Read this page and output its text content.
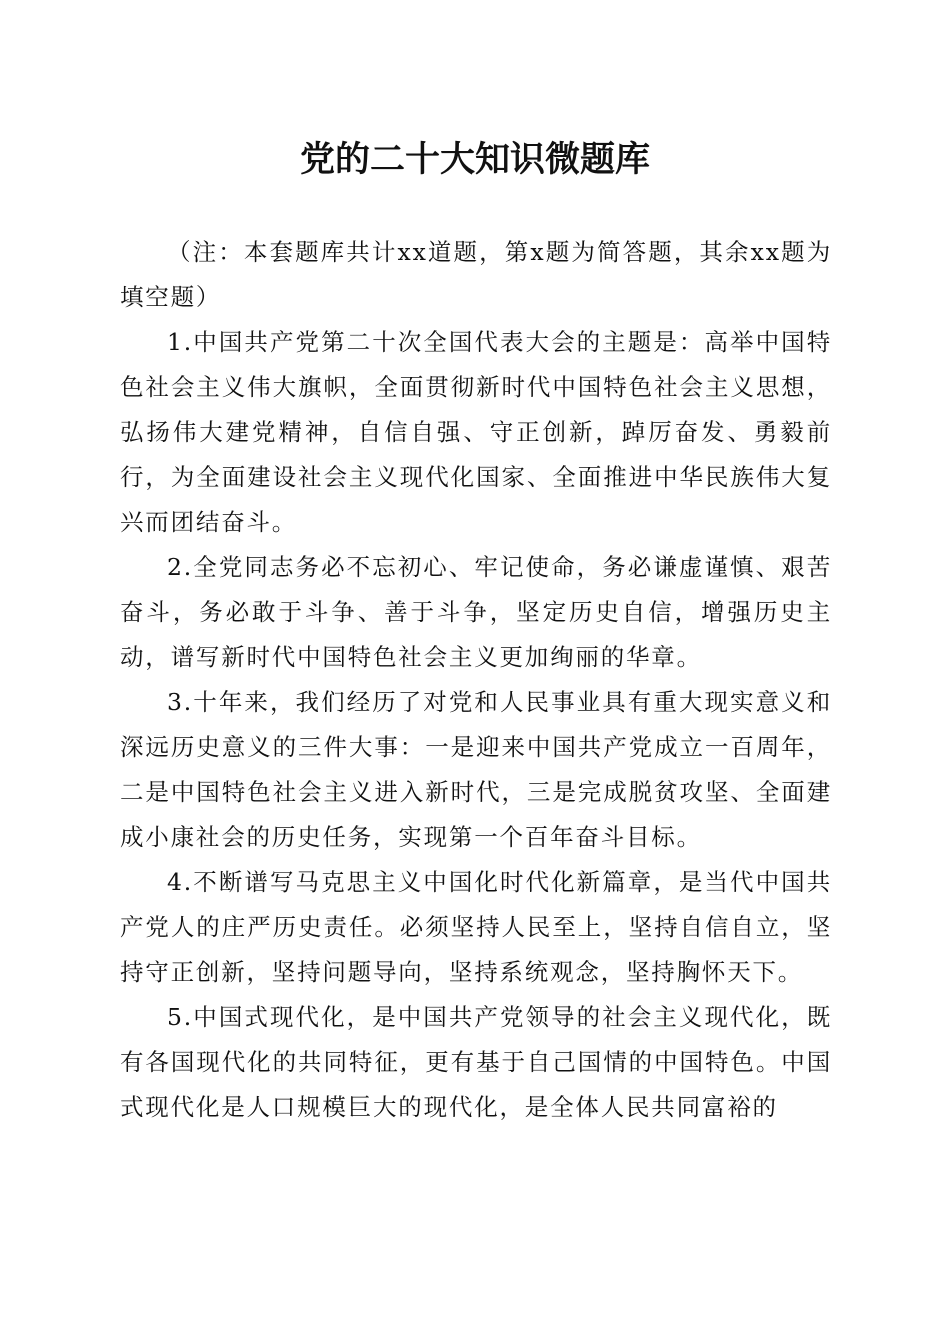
党的二十大知识微题库

（注：本套题库共计xx道题，第x题为简答题，其余xx题为填空题）

1.中国共产党第二十次全国代表大会的主题是：高举中国特色社会主义伟大旗帜，全面贯彻新时代中国特色社会主义思想，弘扬伟大建党精神，自信自强、守正创新，踔厉奋发、勇毅前行，为全面建设社会主义现代化国家、全面推进中华民族伟大复兴而团结奋斗。

2.全党同志务必不忘初心、牢记使命，务必谦虚谨慎、艰苦奋斗，务必敢于斗争、善于斗争，坚定历史自信，增强历史主动，谱写新时代中国特色社会主义更加绚丽的华章。

3.十年来，我们经历了对党和人民事业具有重大现实意义和深远历史意义的三件大事：一是迎来中国共产党成立一百周年，二是中国特色社会主义进入新时代，三是完成脱贫攻坚、全面建成小康社会的历史任务，实现第一个百年奋斗目标。

4.不断谱写马克思主义中国化时代化新篇章，是当代中国共产党人的庄严历史责任。必须坚持人民至上，坚持自信自立，坚持守正创新，坚持问题导向，坚持系统观念，坚持胸怀天下。

5.中国式现代化，是中国共产党领导的社会主义现代化，既有各国现代化的共同特征，更有基于自己国情的中国特色。中国式现代化是人口规模巨大的现代化，是全体人民共同富裕的
